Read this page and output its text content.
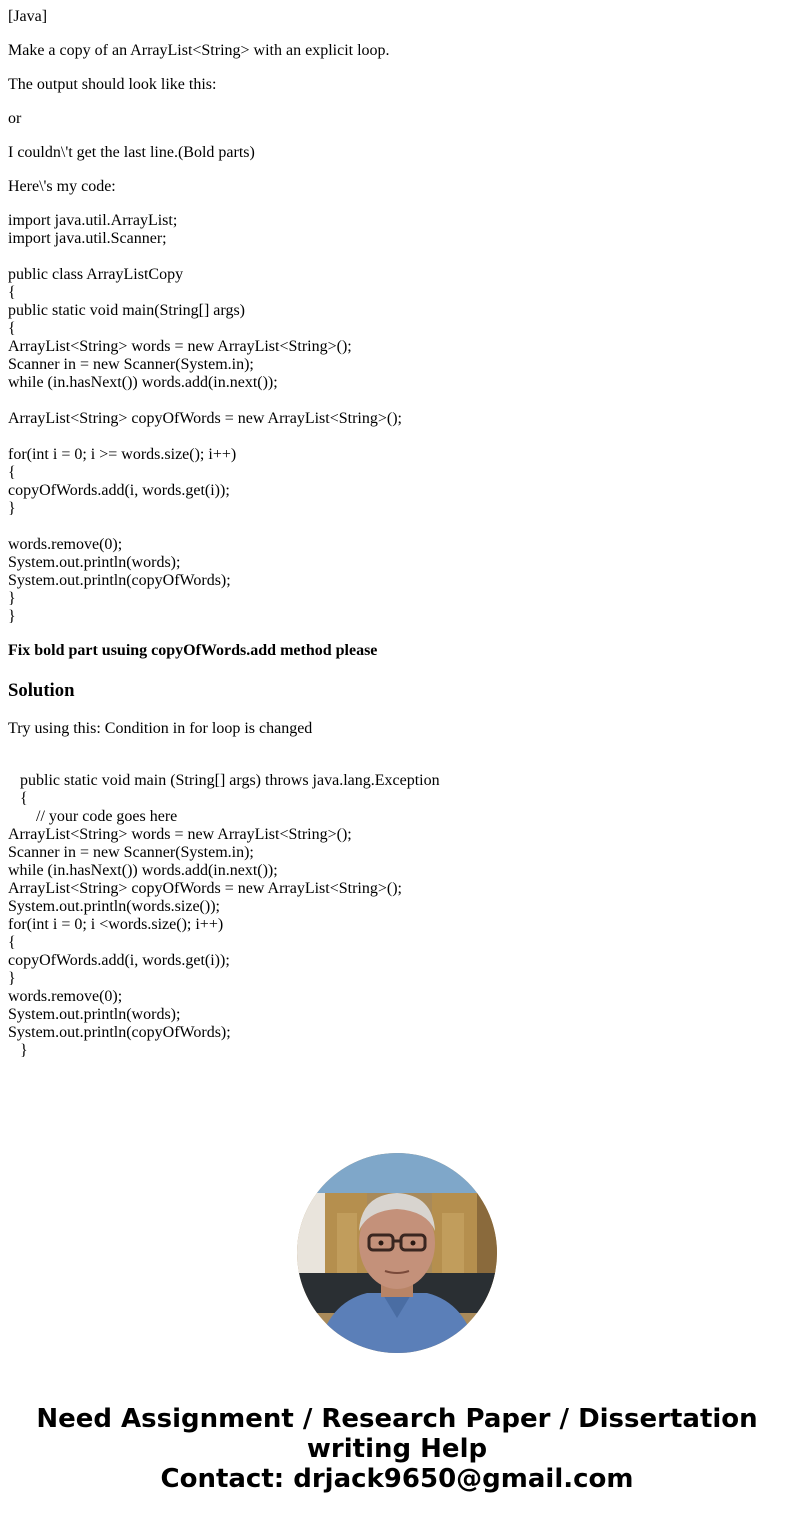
[Java]

Make a copy of an ArrayList<String> with an explicit loop.

The output should look like this:

or

I couldn\'t get the last line.(Bold parts)

Here\'s my code:

import java.util.ArrayList;
import java.util.Scanner;
public class ArrayListCopy
{
public static void main(String[] args)
{
ArrayList<String> words = new ArrayList<String>();
Scanner in = new Scanner(System.in);
while (in.hasNext()) words.add(in.next());
ArrayList<String> copyOfWords = new ArrayList<String>();
for(int i = 0; i >= words.size(); i++)
{
copyOfWords.add(i, words.get(i));
}
words.remove(0);
System.out.println(words);
System.out.println(copyOfWords);
}
}

Fix bold part usuing copyOfWords.add method please

Solution

Try using this: Condition in for loop is changed

public static void main (String[] args) throws java.lang.Exception
{
// your code goes here
ArrayList<String> words = new ArrayList<String>();
Scanner in = new Scanner(System.in);
while (in.hasNext()) words.add(in.next());
ArrayList<String> copyOfWords = new ArrayList<String>();
System.out.println(words.size());
for(int i = 0; i <words.size(); i++)
{
copyOfWords.add(i, words.get(i));
}
words.remove(0);
System.out.println(words);
System.out.println(copyOfWords);
}
Need Assignment / Research Paper / Dissertation
writing Help
Contact: drjack9650@gmail.com
